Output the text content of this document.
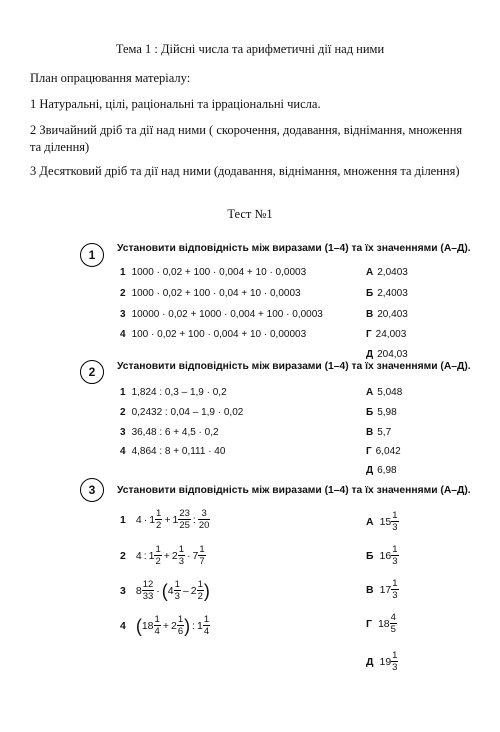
Тема 1 : Дійсні числа та арифметичні дії над ними
План опрацювання матеріалу:
1 Натуральні, цілі, раціональні та ірраціональні числа.
2 Звичайний дріб та дії над ними ( скорочення, додавання, віднімання, множення та ділення)
3 Десятковий дріб та дії над ними (додавання, віднімання, множення та ділення)
Тест №1
1	Установити відповідність між виразами (1–4) та їх значеннями (А–Д).
1 1000 · 0,02 + 100 · 0,004 + 10 · 0,0003
2 1000 · 0,02 + 100 · 0,04 + 10 · 0,0003
3 10000 · 0,02 + 1000 · 0,004 + 100 · 0,0003
4 100 · 0,02 + 100 · 0,004 + 10 · 0,00003
А 2,0403
Б 2,4003
В 20,403
Г 24,003
Д 204,03
2	Установити відповідність між виразами (1–4) та їх значеннями (А–Д).
1 1,824 : 0,3 – 1,9 · 0,2
2 0,2432 : 0,04 – 1,9 · 0,02
3 36,48 : 6 + 4,5 · 0,2
4 4,864 : 8 + 0,111 · 40
А 5,048
Б 5,98
В 5,7
Г 6,042
Д 6,98
3	Установити відповідність між виразами (1–4) та їх значеннями (А–Д).
1 $4 \cdot 1 \frac{1}{2} + 1 \frac{23}{25}$ : $\frac{3}{20}$
2 4 : $1 \frac{1}{2} + 2 \frac{1}{3} \cdot 7 \frac{1}{7}$
3 $8 \frac{12}{33}$ · ( $4 \frac{1}{3} - 2 \frac{1}{2}$ )
4 ( $18 \frac{1}{4} + 2 \frac{1}{6}$ ) : $1 \frac{1}{4}$
А $15 \frac{1}{3}$
Б $16 \frac{1}{3}$
В $17 \frac{1}{3}$
Г $18 \frac{4}{5}$
Д $19 \frac{1}{3}$
